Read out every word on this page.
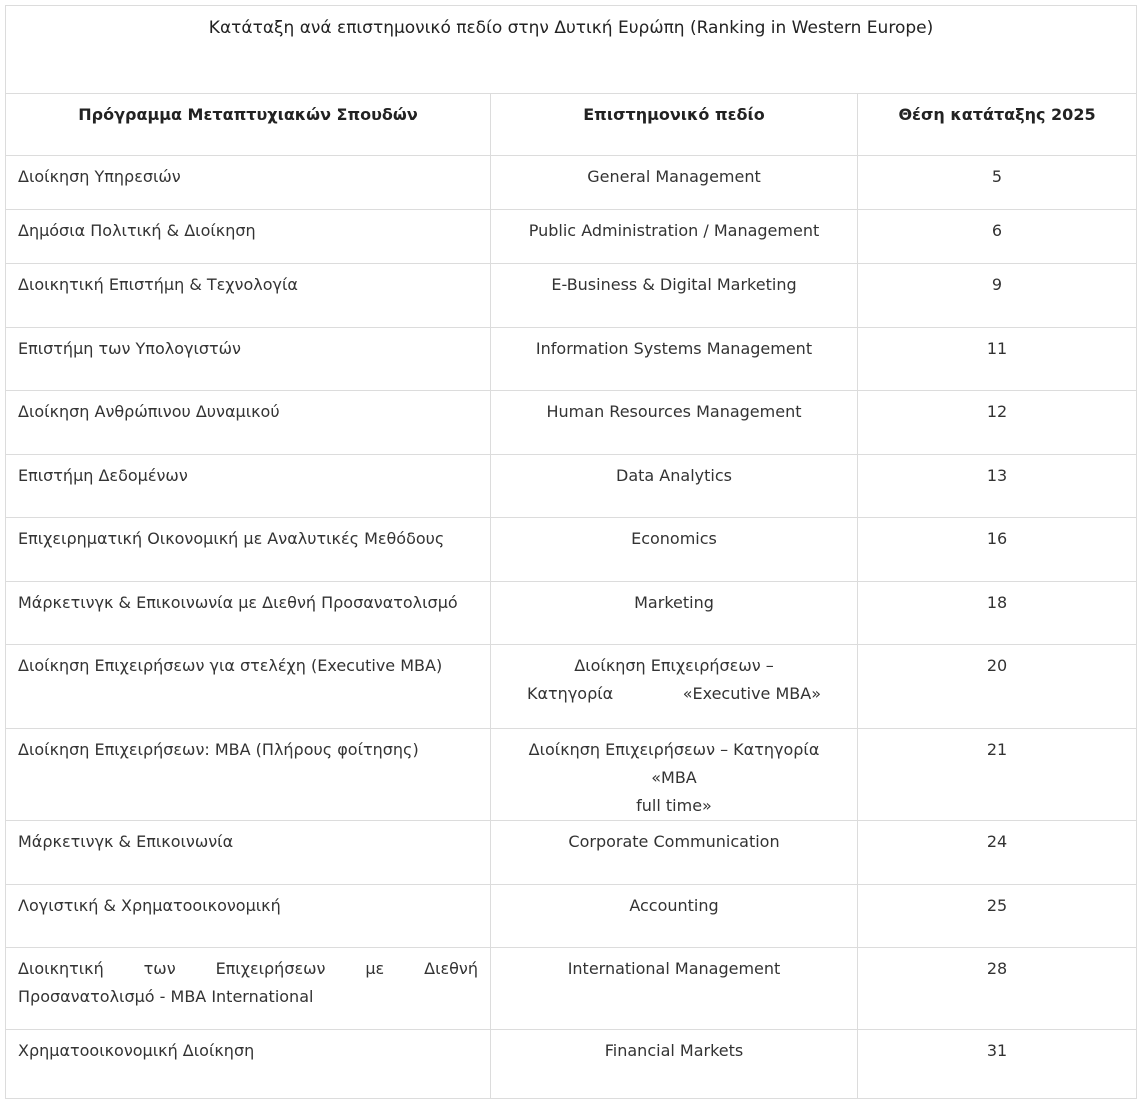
Κατάταξη ανά επιστημονικό πεδίο στην Δυτική Ευρώπη (Ranking in Western Europe)		
Πρόγραμμα Μεταπτυχιακών Σπουδών	Επιστημονικό πεδίο	Θέση κατάταξης 2025
Διοίκηση Υπηρεσιών	General Management	5
Δημόσια Πολιτική & Διοίκηση	Public Administration / Management	6
Διοικητική Επιστήμη & Τεχνολογία	E-Business & Digital Marketing	9
Επιστήμη των Υπολογιστών	Information Systems Management	11
Διοίκηση Ανθρώπινου Δυναμικού	Human Resources Management	12
Επιστήμη Δεδομένων	Data Analytics	13
Επιχειρηματική Οικονομική με Αναλυτικές Μεθόδους	Economics	16
Μάρκετινγκ & Επικοινωνία με Διεθνή Προσανατολισμό	Marketing	18
Διοίκηση Επιχειρήσεων για στελέχη (Executive MBA)	Διοίκηση Επιχειρήσεων –
Κατηγορία «Executive MBA»	20
Διοίκηση Επιχειρήσεων: MBA (Πλήρους φοίτησης)	Διοίκηση Επιχειρήσεων – Κατηγορία «MBA
full time»	21
Μάρκετινγκ & Επικοινωνία	Corporate Communication	24
Λογιστική & Χρηματοοικονομική	Accounting	25
Διοικητική των Επιχειρήσεων με Διεθνή Προσανατολισμό - MBA International	International Management	28
Χρηματοοικονομική Διοίκηση	Financial Markets	31
